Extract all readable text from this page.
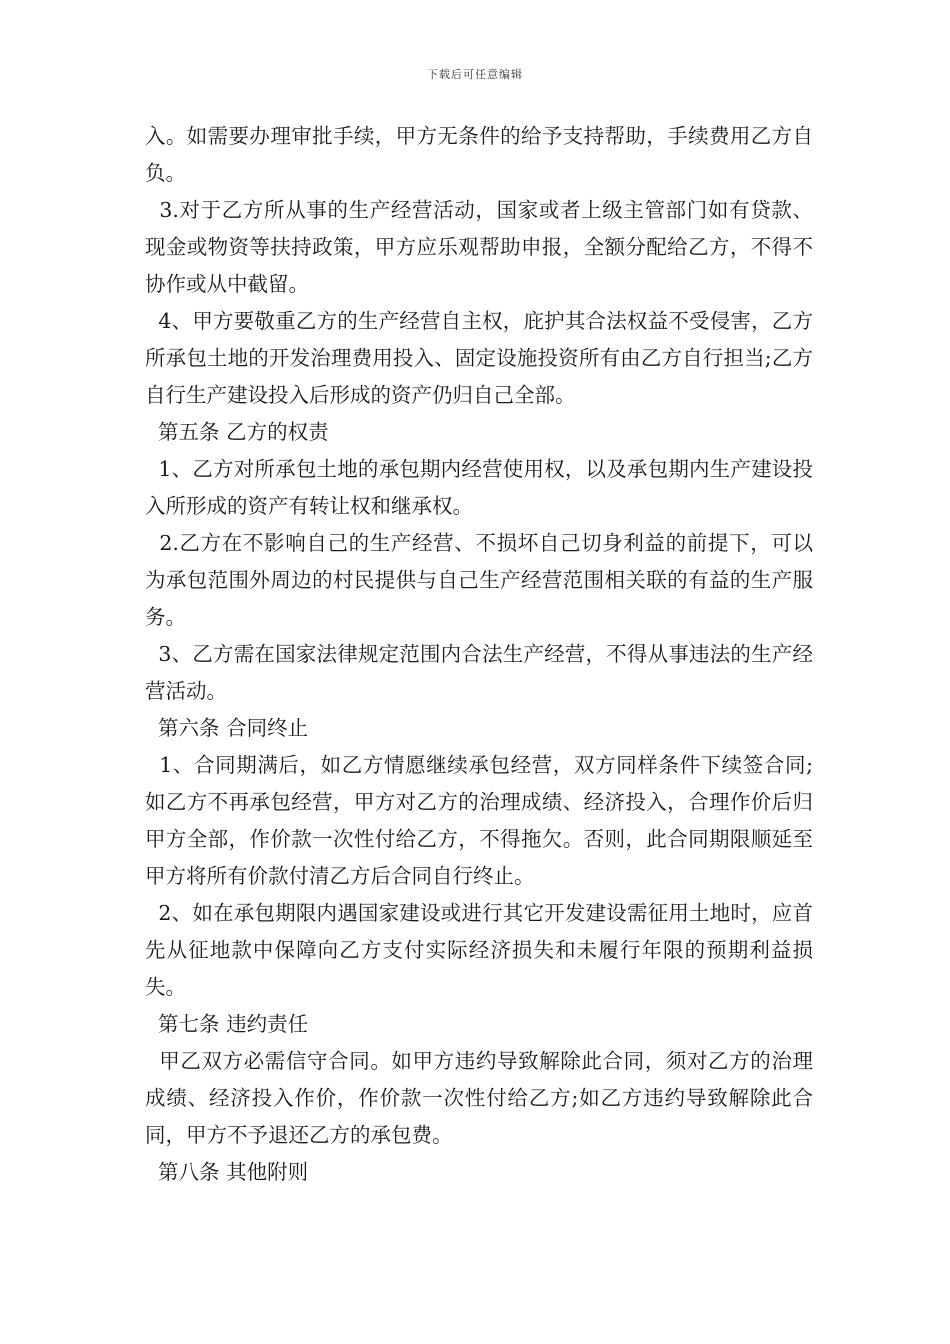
下载后可任意编辑

入。如需要办理审批手续，甲方无条件的给予支持帮助，手续费用乙方自负。

3.对于乙方所从事的生产经营活动，国家或者上级主管部门如有贷款、现金或物资等扶持政策，甲方应乐观帮助申报，全额分配给乙方，不得不协作或从中截留。

4、甲方要敬重乙方的生产经营自主权，庇护其合法权益不受侵害，乙方所承包土地的开发治理费用投入、固定设施投资所有由乙方自行担当;乙方自行生产建设投入后形成的资产仍归自己全部。

第五条 乙方的权责

1、乙方对所承包土地的承包期内经营使用权，以及承包期内生产建设投入所形成的资产有转让权和继承权。

2.乙方在不影响自己的生产经营、不损坏自己切身利益的前提下，可以为承包范围外周边的村民提供与自己生产经营范围相关联的有益的生产服务。

3、乙方需在国家法律规定范围内合法生产经营，不得从事违法的生产经营活动。

第六条 合同终止

1、合同期满后，如乙方情愿继续承包经营，双方同样条件下续签合同;如乙方不再承包经营，甲方对乙方的治理成绩、经济投入，合理作价后归甲方全部，作价款一次性付给乙方，不得拖欠。否则，此合同期限顺延至甲方将所有价款付清乙方后合同自行终止。

2、如在承包期限内遇国家建设或进行其它开发建设需征用土地时，应首先从征地款中保障向乙方支付实际经济损失和未履行年限的预期利益损失。

第七条 违约责任

甲乙双方必需信守合同。如甲方违约导致解除此合同，须对乙方的治理成绩、经济投入作价，作价款一次性付给乙方;如乙方违约导致解除此合同，甲方不予退还乙方的承包费。

第八条 其他附则
